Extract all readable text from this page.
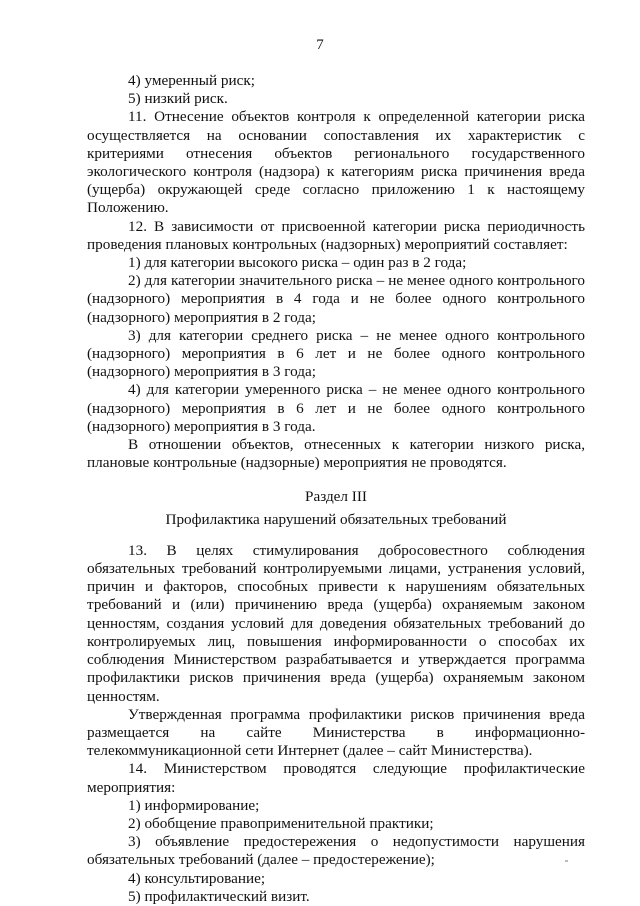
7

4) умеренный риск;

5) низкий риск.

11. Отнесение объектов контроля к определенной категории риска осуществляется на основании сопоставления их характеристик с критериями отнесения объектов регионального государственного экологического контроля (надзора) к категориям риска причинения вреда (ущерба) окружающей среде согласно приложению 1 к настоящему Положению.

12. В зависимости от присвоенной категории риска периодичность проведения плановых контрольных (надзорных) мероприятий составляет:

1) для категории высокого риска – один раз в 2 года;

2) для категории значительного риска – не менее одного контрольного (надзорного) мероприятия в 4 года и не более одного контрольного (надзорного) мероприятия в 2 года;

3) для категории среднего риска – не менее одного контрольного (надзорного) мероприятия в 6 лет и не более одного контрольного (надзорного) мероприятия в 3 года;

4) для категории умеренного риска – не менее одного контрольного (надзорного) мероприятия в 6 лет и не более одного контрольного (надзорного) мероприятия в 3 года.

В отношении объектов, отнесенных к категории низкого риска, плановые контрольные (надзорные) мероприятия не проводятся.

Раздел III

Профилактика нарушений обязательных требований

13. В целях стимулирования добросовестного соблюдения обязательных требований контролируемыми лицами, устранения условий, причин и факторов, способных привести к нарушениям обязательных требований и (или) причинению вреда (ущерба) охраняемым законом ценностям, создания условий для доведения обязательных требований до контролируемых лиц, повышения информированности о способах их соблюдения Министерством разрабатывается и утверждается программа профилактики рисков причинения вреда (ущерба) охраняемым законом ценностям.

Утвержденная программа профилактики рисков причинения вреда размещается на сайте Министерства в информационно-телекоммуникационной сети Интернет (далее – сайт Министерства).

14. Министерством проводятся следующие профилактические мероприятия:

1) информирование;

2) обобщение правоприменительной практики;

3) объявление предостережения о недопустимости нарушения обязательных требований (далее – предостережение);

4) консультирование;

5) профилактический визит.
